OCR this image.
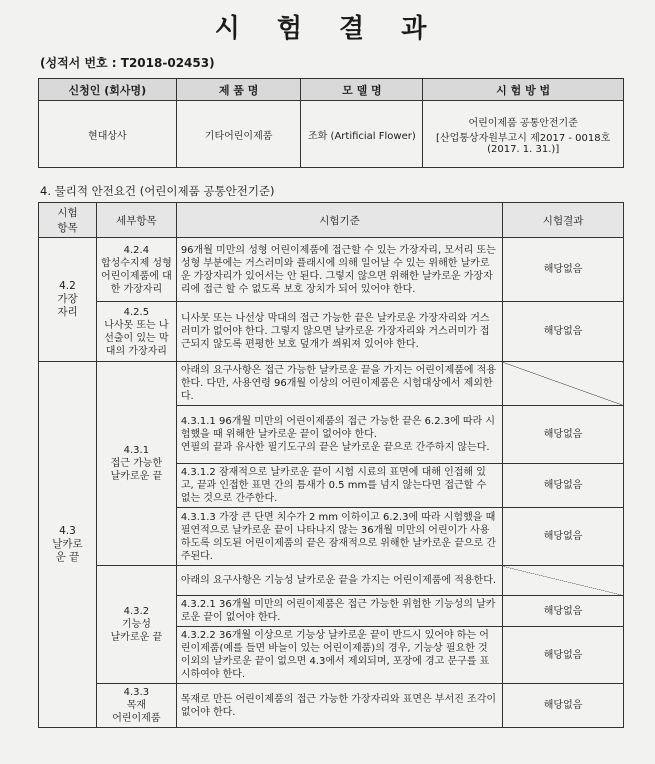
시 험 결 과
(성적서 번호 : T2018-02453)
신청인 (회사명)	제 품 명	모 델 명	시 험 방 법
현대상사	기타어린이제품	조화 (Artificial Flower)	어린이제품 공통안전기준
[산업통상자원부고시 제2017 - 0018호
(2017. 1. 31.)]
4. 물리적 안전요건 (어린이제품 공통안전기준)
시험
항목	세부항목	시험기준	시험결과
4.2
가장
자리	4.2.4
합성수지제 성형
어린이제품에 대
한 가장자리	96개월 미만의 성형 어린이제품에 접근할 수 있는 가장자리, 모서리 또는 성형 부분에는 거스러미와 플래시에 의해 일어날 수 있는 위해한 날카로운 가장자리가 있어서는 안 된다. 그렇지 않으면 위해한 날카로운 가장자리에 접근 할 수 없도록 보호 장치가 되어 있어야 한다.	해당없음
	4.2.5
나사못 또는 나
선출이 있는 막
대의 가장자리	니사못 또는 나선상 막대의 접근 가능한 끝은 날카로운 가장자리와 거스러미가 없어야 한다. 그렇지 않으면 날카로운 가장자리와 거스러미가 접근되지 않도록 편평한 보호 덮개가 씌워져 있어야 한다.	해당없음
4.3
날카로
운 끝	4.3.1
접근 가능한
날카로운 끝	아래의 요구사항은 접근 가능한 날카로운 끝을 가지는 어린이제품에 적용한다. 다만, 사용연령 96개월 이상의 어린이제품은 시험대상에서 제외한다.	
		4.3.1.1 96개월 미만의 어린이제품의 접근 가능한 끝은 6.2.3에 따라 시험했을 때 위해한 날카로운 끝이 없어야 한다.
연필의 끝과 유사한 필기도구의 끝은 날카로운 끝으로 간주하지 않는다.	해당없음
		4.3.1.2 잠재적으로 날카로운 끝이 시험 시료의 표면에 대해 인접해 있고, 끝과 인접한 표면 간의 틈새가 0.5 mm를 넘지 않는다면 접근할 수 없는 것으로 간주한다.	해당없음
		4.3.1.3 가장 큰 단면 치수가 2 mm 이하이고 6.2.3에 따라 시험했을 때 필연적으로 날카로운 끝이 나타나지 않는 36개월 미만의 어린이가 사용하도록 의도된 어린이제품의 끝은 잠재적으로 위해한 날카로운 끝으로 간주된다.	해당없음
	4.3.2
기능성
날카로운 끝	아래의 요구사항은 기능성 날카로운 끝을 가지는 어린이제품에 적용한다.	
		4.3.2.1 36개월 미만의 어린이제품은 접근 가능한 위험한 기능성의 날카로운 끝이 없어야 한다.	해당없음
		4.3.2.2 36개월 이상으로 기능상 날카로운 끝이 반드시 있어야 하는 어린이제품(예를 들면 바늘이 있는 어린이제품)의 경우, 기능상 필요한 것 이외의 날카로운 끝이 없으면 4.3에서 제외되며, 포장에 경고 문구를 표시하여야 한다.	해당없음
	4.3.3
목재
어린이제품	목재로 만든 어린이제품의 접근 가능한 가장자리와 표면은 부서진 조각이 없어야 한다.	해당없음
